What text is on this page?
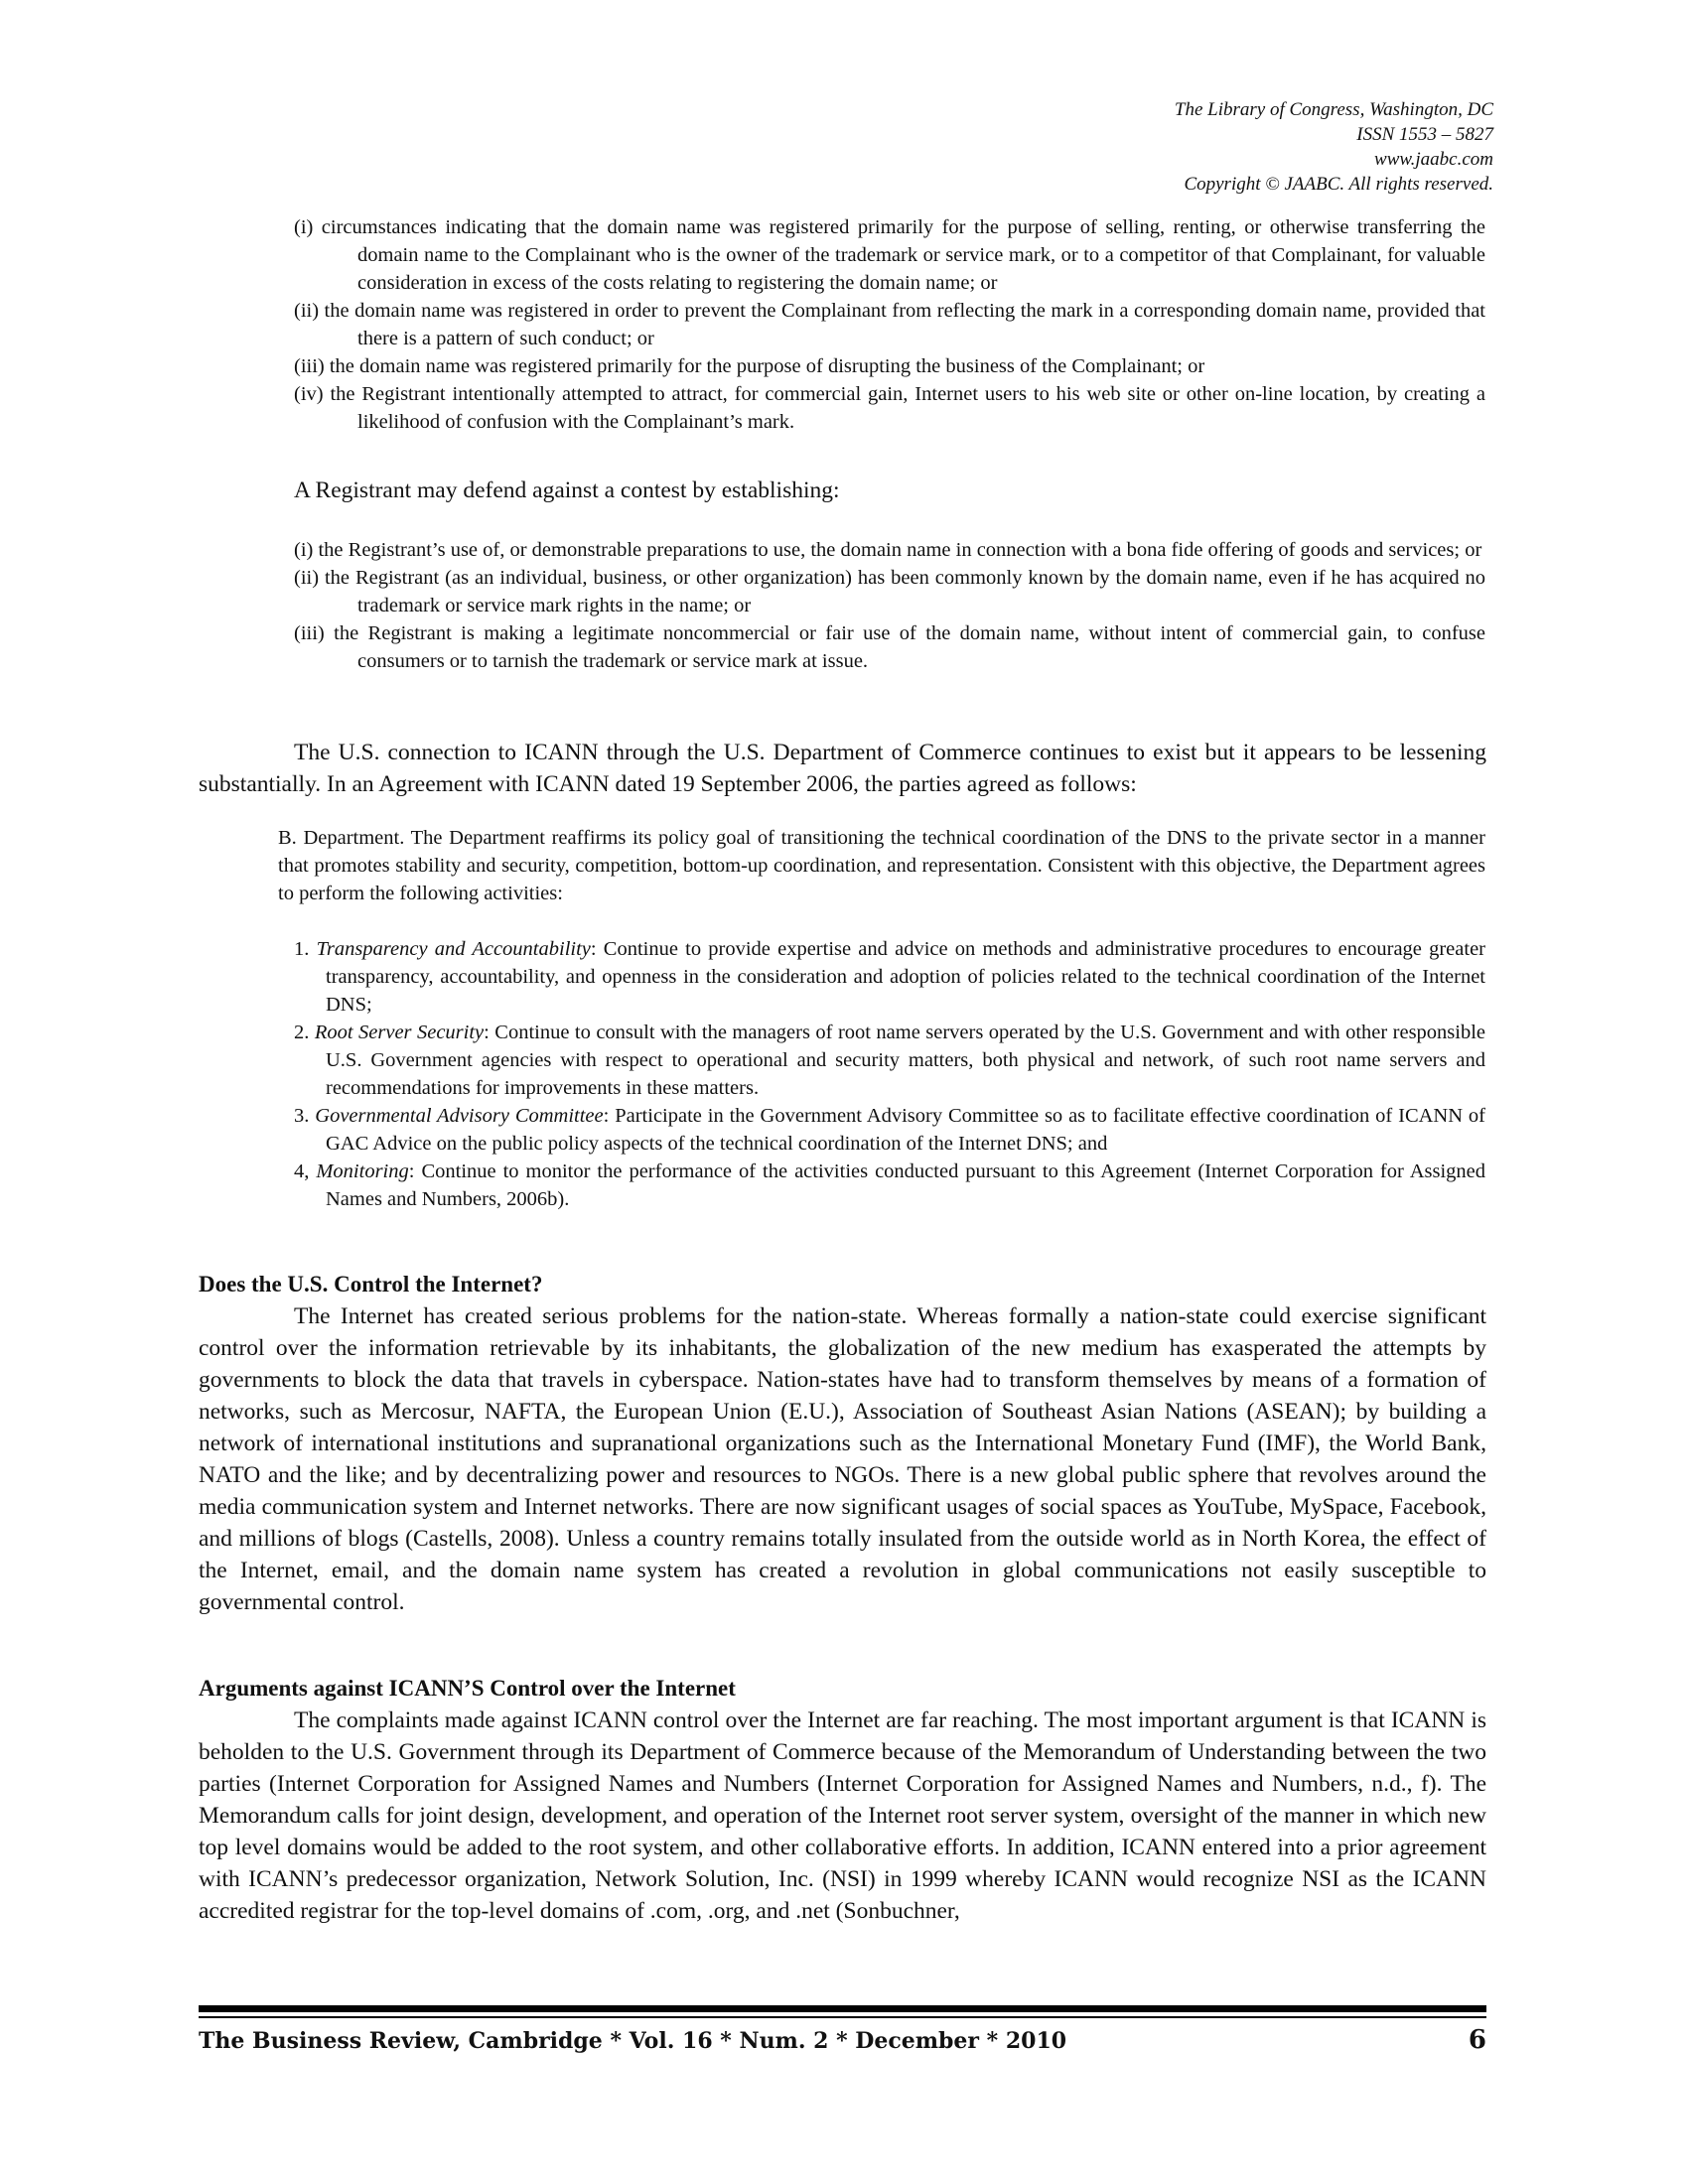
The Library of Congress, Washington, DC
ISSN 1553 – 5827
www.jaabc.com
Copyright © JAABC. All rights reserved.
(i) circumstances indicating that the domain name was registered primarily for the purpose of selling, renting, or otherwise transferring the domain name to the Complainant who is the owner of the trademark or service mark, or to a competitor of that Complainant, for valuable consideration in excess of the costs relating to registering the domain name; or
(ii) the domain name was registered in order to prevent the Complainant from reflecting the mark in a corresponding domain name, provided that there is a pattern of such conduct; or
(iii) the domain name was registered primarily for the purpose of disrupting the business of the Complainant; or
(iv) the Registrant intentionally attempted to attract, for commercial gain, Internet users to his web site or other on-line location, by creating a likelihood of confusion with the Complainant’s mark.
A Registrant may defend against a contest by establishing:
(i) the Registrant’s use of, or demonstrable preparations to use, the domain name in connection with a bona fide offering of goods and services; or
(ii) the Registrant (as an individual, business, or other organization) has been commonly known by the domain name, even if he has acquired no trademark or service mark rights in the name; or
(iii) the Registrant is making a legitimate noncommercial or fair use of the domain name, without intent of commercial gain, to confuse consumers or to tarnish the trademark or service mark at issue.
The U.S. connection to ICANN through the U.S. Department of Commerce continues to exist but it appears to be lessening substantially. In an Agreement with ICANN dated 19 September 2006, the parties agreed as follows:
B. Department. The Department reaffirms its policy goal of transitioning the technical coordination of the DNS to the private sector in a manner that promotes stability and security, competition, bottom-up coordination, and representation. Consistent with this objective, the Department agrees to perform the following activities:
1. Transparency and Accountability: Continue to provide expertise and advice on methods and administrative procedures to encourage greater transparency, accountability, and openness in the consideration and adoption of policies related to the technical coordination of the Internet DNS;
2. Root Server Security: Continue to consult with the managers of root name servers operated by the U.S. Government and with other responsible U.S. Government agencies with respect to operational and security matters, both physical and network, of such root name servers and recommendations for improvements in these matters.
3. Governmental Advisory Committee: Participate in the Government Advisory Committee so as to facilitate effective coordination of ICANN of GAC Advice on the public policy aspects of the technical coordination of the Internet DNS; and
4, Monitoring: Continue to monitor the performance of the activities conducted pursuant to this Agreement (Internet Corporation for Assigned Names and Numbers, 2006b).
Does the U.S. Control the Internet?

The Internet has created serious problems for the nation-state. Whereas formally a nation-state could exercise significant control over the information retrievable by its inhabitants, the globalization of the new medium has exasperated the attempts by governments to block the data that travels in cyberspace. Nation-states have had to transform themselves by means of a formation of networks, such as Mercosur, NAFTA, the European Union (E.U.), Association of Southeast Asian Nations (ASEAN); by building a network of international institutions and supranational organizations such as the International Monetary Fund (IMF), the World Bank, NATO and the like; and by decentralizing power and resources to NGOs. There is a new global public sphere that revolves around the media communication system and Internet networks. There are now significant usages of social spaces as YouTube, MySpace, Facebook, and millions of blogs (Castells, 2008). Unless a country remains totally insulated from the outside world as in North Korea, the effect of the Internet, email, and the domain name system has created a revolution in global communications not easily susceptible to governmental control.

Arguments against ICANN’S Control over the Internet

The complaints made against ICANN control over the Internet are far reaching. The most important argument is that ICANN is beholden to the U.S. Government through its Department of Commerce because of the Memorandum of Understanding between the two parties (Internet Corporation for Assigned Names and Numbers (Internet Corporation for Assigned Names and Numbers, n.d., f). The Memorandum calls for joint design, development, and operation of the Internet root server system, oversight of the manner in which new top level domains would be added to the root system, and other collaborative efforts. In addition, ICANN entered into a prior agreement with ICANN’s predecessor organization, Network Solution, Inc. (NSI) in 1999 whereby ICANN would recognize NSI as the ICANN accredited registrar for the top-level domains of .com, .org, and .net (Sonbuchner,

The Business Review, Cambridge * Vol. 16 * Num. 2 * December * 2010	6
